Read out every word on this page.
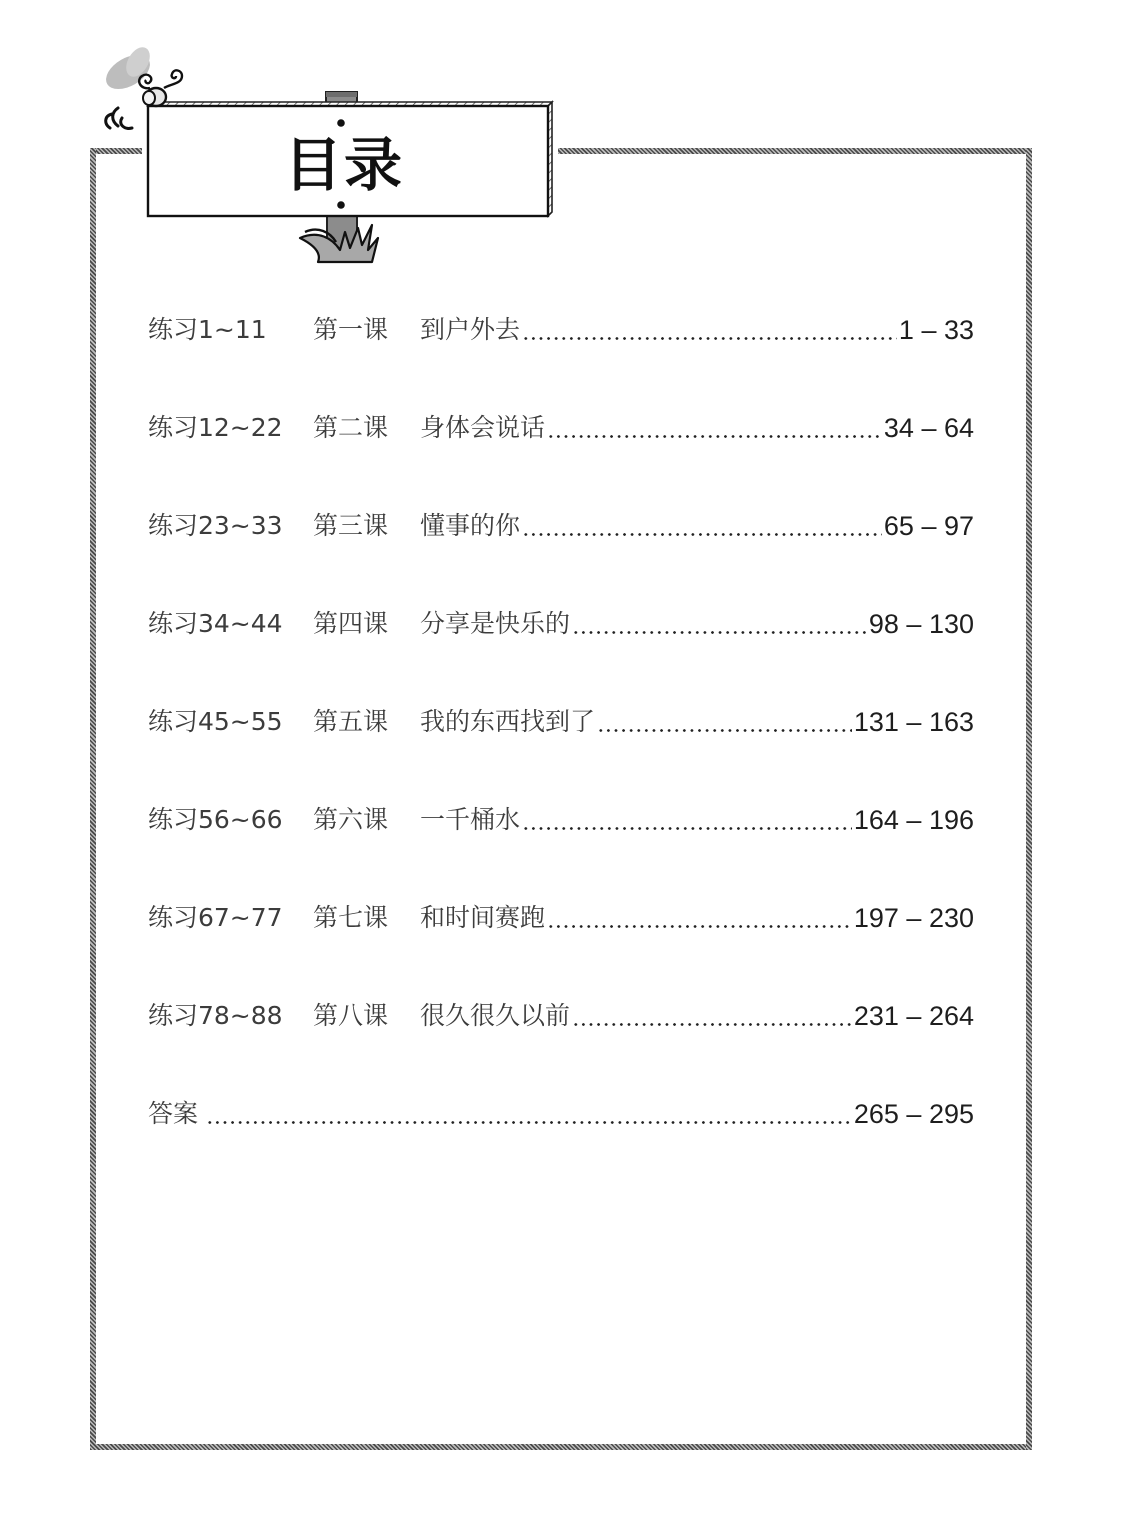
目录
练习1~11	第一课	到户外去	1 – 33
练习12~22	第二课	身体会说话	34 – 64
练习23~33	第三课	懂事的你	65 – 97
练习34~44	第四课	分享是快乐的	98 – 130
练习45~55	第五课	我的东西找到了	131 – 163
练习56~66	第六课	一千桶水	164 – 196
练习67~77	第七课	和时间赛跑	197 – 230
练习78~88	第八课	很久很久以前	231 – 264
答案	265 – 295
